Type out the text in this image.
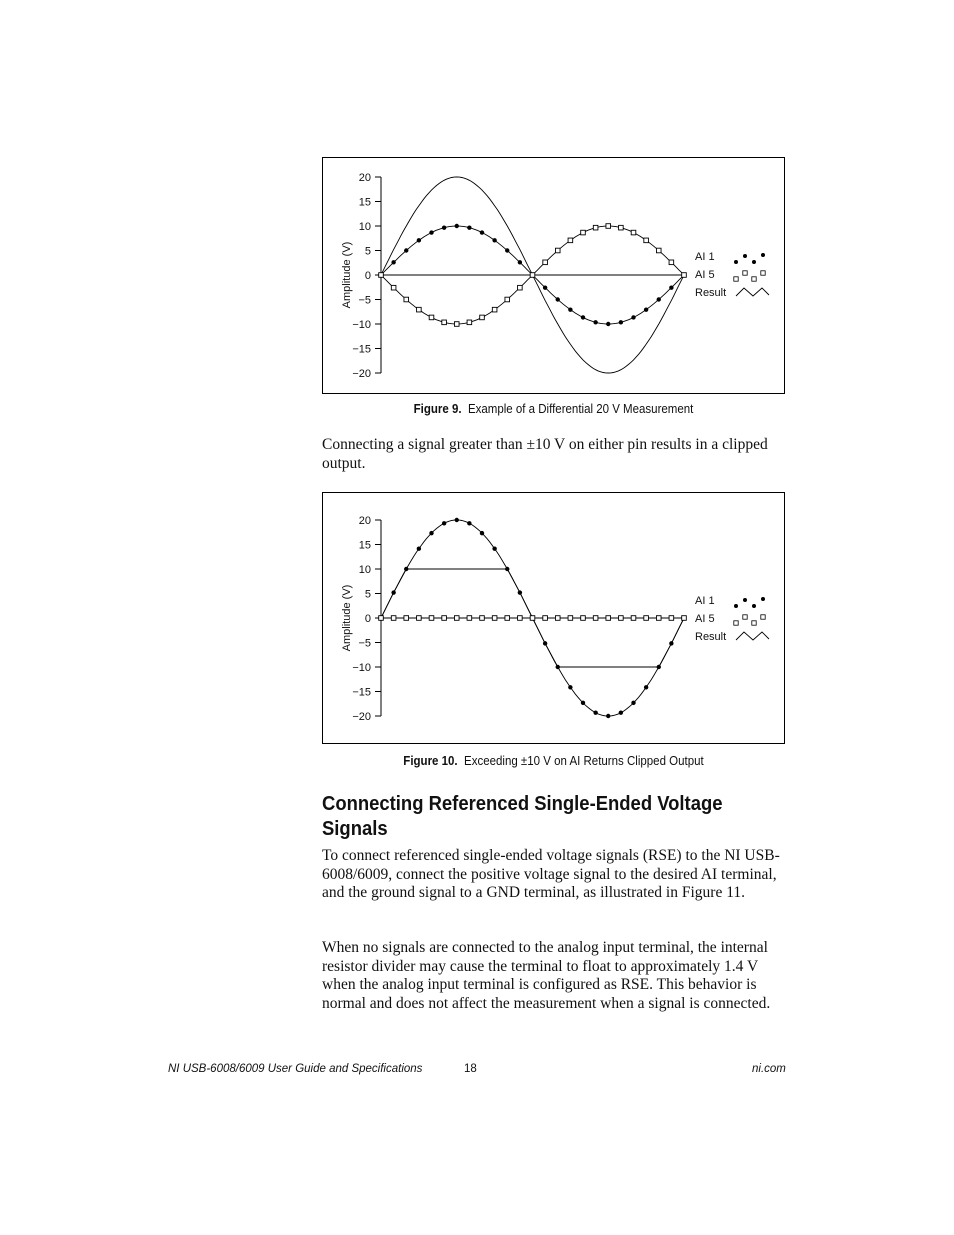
20
15
10
5
0
−5
−10
−15
−20
Amplitude (V)	AI 1
AI 5
Result
Figure 9. Example of a Differential 20 V Measurement

Connecting a signal greater than ±10 V on either pin results in a clipped output.

20
15
10
5
0
−5
−10
−15
−20
Amplitude (V)	AI 1
AI 5
Result
Figure 10. Exceeding ±10 V on AI Returns Clipped Output
Connecting Referenced Single-Ended Voltage Signals

To connect referenced single-ended voltage signals (RSE) to the NI USB-6008/6009, connect the positive voltage signal to the desired AI terminal, and the ground signal to a GND terminal, as illustrated in Figure 11.

When no signals are connected to the analog input terminal, the internal resistor divider may cause the terminal to float to approximately 1.4 V when the analog input terminal is configured as RSE. This behavior is normal and does not affect the measurement when a signal is connected.

NI USB-6008/6009 User Guide and Specifications	18	ni.com
